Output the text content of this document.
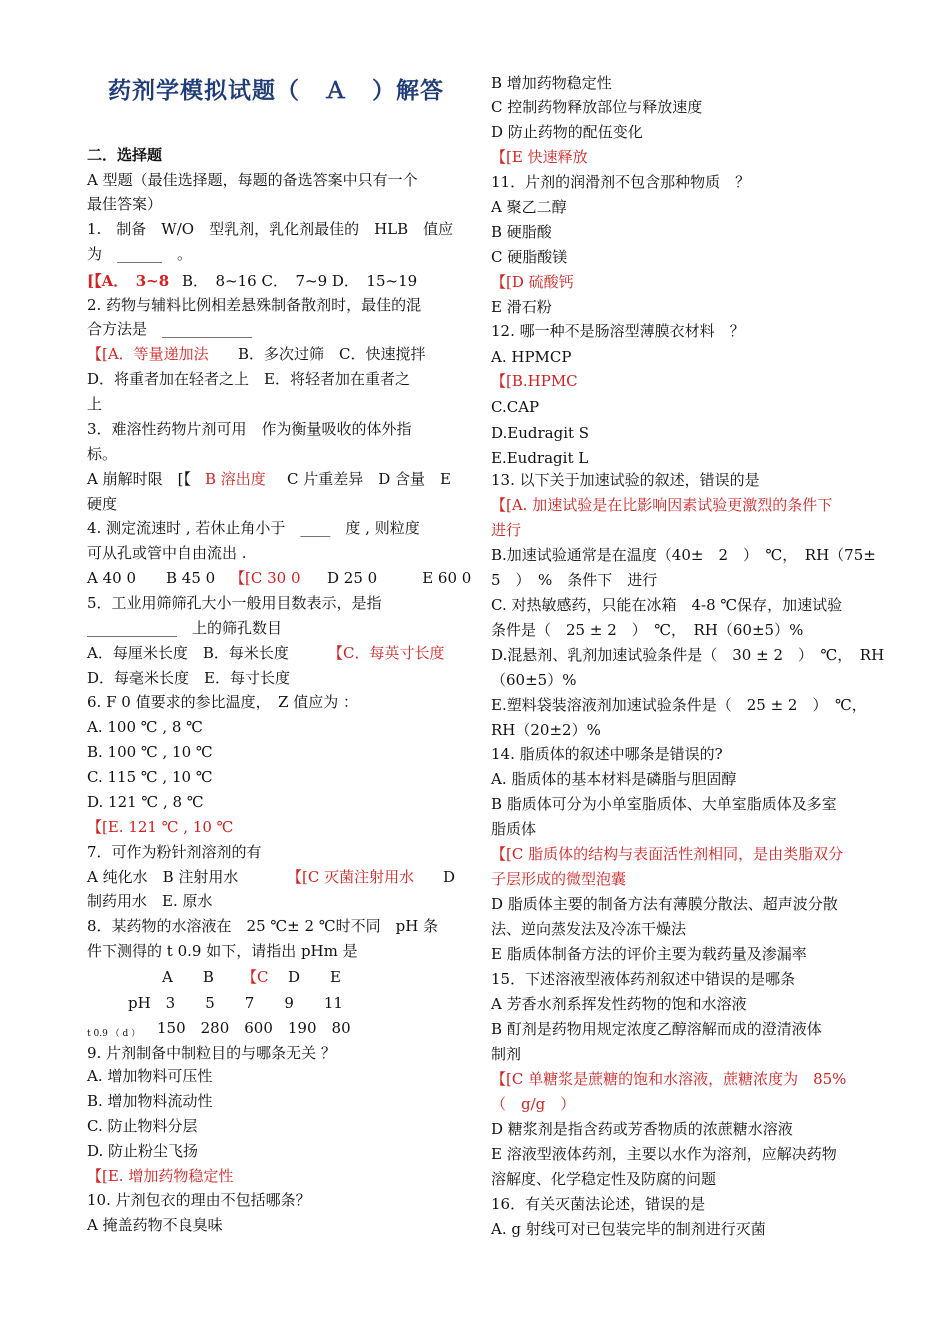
药剂学模拟试题（　Ａ　）解答
二．选择题
A 型题（最佳选择题，每题的备选答案中只有一个
最佳答案）
1.　制备　W/O　型乳剂，乳化剂最佳的　HLB　值应
为　______　。
[【A．　3~8 B．　8~16 C．　7~9 D．　15~19
2. 药物与辅料比例相差悬殊制备散剂时，最佳的混
合方法是　____________
【[A．等量递加法 B．多次过筛　C．快速搅拌
D．将重者加在轻者之上　E．将轻者加在重者之
上
3．难溶性药物片剂可用　作为衡量吸收的体外指
标。
A 崩解时限　[【 B 溶出度 C 片重差异　D 含量　E
硬度
4. 测定流速时 , 若休止角小于　____　度 , 则粒度
可从孔或管中自由流出 .
A 40 0　　B 45 0 【[C 30 0 D 25 0　　　E 60 0
5．工业用筛筛孔大小一般用目数表示，是指
____________　上的筛孔数目
A．每厘米长度　B．每米长度	【C．每英寸长度
D．每毫米长度　E．每寸长度
6. F 0 值要求的参比温度，　Z 值应为 ：
A. 100 ℃ , 8 ℃
B. 100 ℃ , 10 ℃
C. 115 ℃ , 10 ℃
D. 121 ℃ , 8 ℃
【[E. 121 ℃ , 10 ℃
7．可作为粉针剂溶剂的有
A 纯化水　B 注射用水	【[C 灭菌注射用水 D
制药用水　E. 原水
8．某药物的水溶液在　25 ℃± 2 ℃时不同　pH 条
件下测得的 t 0.9 如下，请指出 pHm 是
A　　B 【C D　　E
pH　3　　5　　7　　9　　11
t 0.9 （ d ） 150　280　600　190　80
9. 片剂制备中制粒目的与哪条无关 ？
A. 增加物料可压性
B. 增加物料流动性
C. 防止物料分层
D. 防止粉尘飞扬
【[E. 增加药物稳定性
10. 片剂包衣的理由不包括哪条？
A 掩盖药物不良臭味
B 增加药物稳定性
C 控制药物释放部位与释放速度
D 防止药物的配伍变化
【[E 快速释放
11．片剂的润滑剂不包含那种物质　？
A 聚乙二醇
B 硬脂酸
C 硬脂酸镁
【[D 硫酸钙
E 滑石粉
12. 哪一种不是肠溶型薄膜衣材料　？
A. HPMCP
【[B.HPMC
C.CAP
D.Eudragit S
E.Eudragit L
13. 以下关于加速试验的叙述，错误的是
【[A. 加速试验是在比影响因素试验更激烈的条件下
进行
B.加速试验通常是在温度（40±　2　）　℃，　RH（75±
5　）　%　条件下　进行
C. 对热敏感药，只能在冰箱　4-8 ℃保存，加速试验
条件是（　25 ± 2　）　℃，　RH（60±5）%
D.混悬剂、乳剂加速试验条件是（　30 ± 2　）　℃，　RH
（60±5）%
E.塑料袋装溶液剂加速试验条件是（　25 ± 2　）　℃，
RH（20±2）%
14. 脂质体的叙述中哪条是错误的?
A. 脂质体的基本材料是磷脂与胆固醇
B 脂质体可分为小单室脂质体、大单室脂质体及多室
脂质体
【[C 脂质体的结构与表面活性剂相同，是由类脂双分
子层形成的微型泡囊
D 脂质体主要的制备方法有薄膜分散法、超声波分散
法、逆向蒸发法及冷冻干燥法
E 脂质体制备方法的评价主要为载药量及渗漏率
15．下述溶液型液体药剂叙述中错误的是哪条
A 芳香水剂系挥发性药物的饱和水溶液
B 酊剂是药物用规定浓度乙醇溶解而成的澄清液体
制剂
【[C 单糖浆是蔗糖的饱和水溶液，蔗糖浓度为　85%
（　g/g　）
D 糖浆剂是指含药或芳香物质的浓蔗糖水溶液
E 溶液型液体药剂，主要以水作为溶剂，应解决药物
溶解度、化学稳定性及防腐的问题
16．有关灭菌法论述，错误的是
A. g 射线可对已包装完毕的制剂进行灭菌
